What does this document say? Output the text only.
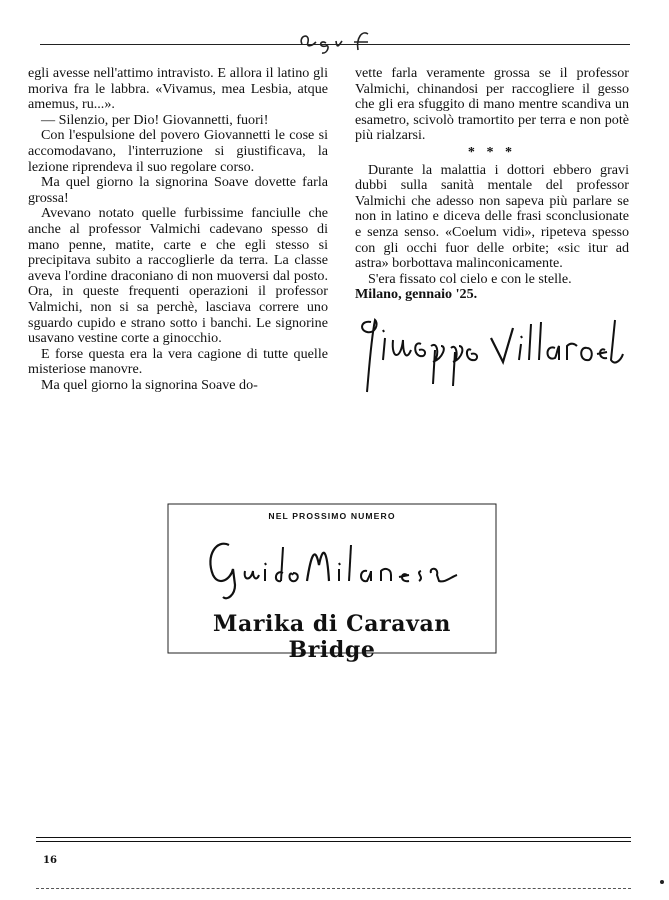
egli avesse nell'attimo intravisto. E allora il latino gli moriva fra le labbra. «Vivamus, mea Lesbia, atque amemus, ru...».

— Silenzio, per Dio! Giovannetti, fuori!

Con l'espulsione del povero Giovannetti le cose si accomodavano, l'interruzione si giustificava, la lezione riprendeva il suo regolare corso.

Ma quel giorno la signorina Soave dovette farla grossa!

Avevano notato quelle furbissime fanciulle che anche al professor Valmichi cadevano spesso di mano penne, matite, carte e che egli stesso si precipitava subito a raccoglierle da terra. La classe aveva l'ordine draconiano di non muoversi dal posto. Ora, in queste frequenti operazioni il professor Valmichi, non si sa perchè, lasciava correre uno sguardo cupido e strano sotto i banchi. Le signorine usavano vestine corte a ginocchio.

E forse questa era la vera cagione di tutte quelle misteriose manovre.

Ma quel giorno la signorina Soave do-

vette farla veramente grossa se il professor Valmichi, chinandosi per raccogliere il gesso che gli era sfuggito di mano mentre scandiva un esametro, scivolò tramortito per terra e non potè più rialzarsi.

* * *

Durante la malattia i dottori ebbero gravi dubbi sulla sanità mentale del professor Valmichi che adesso non sapeva più parlare se non in latino e diceva delle frasi sconclusionate e senza senso. «Coelum vidi», ripeteva spesso con gli occhi fuor delle orbite; «sic itur ad astra» borbottava malinconicamente.

S'era fissato col cielo e con le stelle.

Milano, gennaio '25.

NEL PROSSIMO NUMERO
Marika di Caravan Bridge
16
